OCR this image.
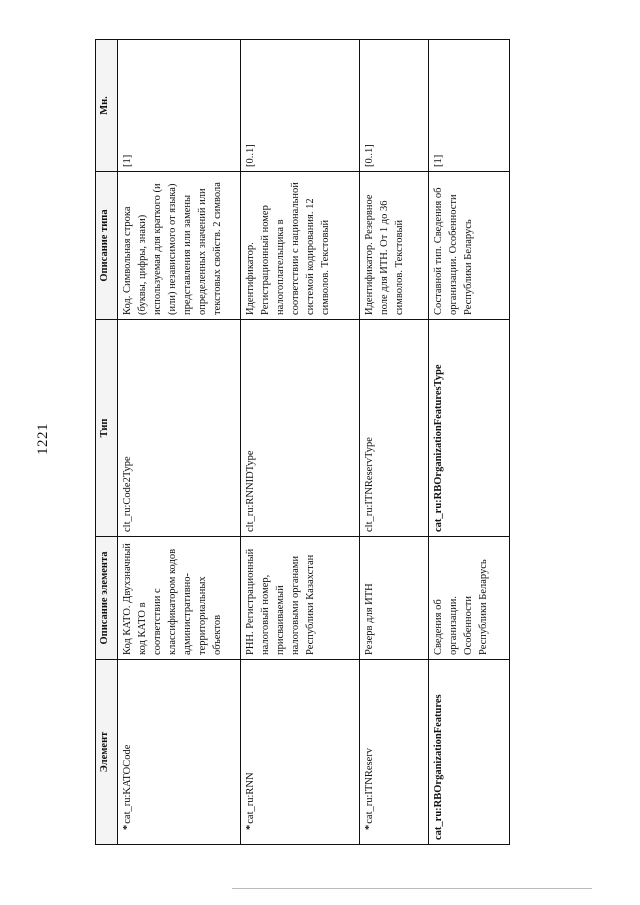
1221
Элемент	Описание элемента	Тип	Описание типа	Мн.
*cat_ru:KATOCode	Код КАТО. Двухзначный код КАТО в соответствии с классификатором кодов административно-территориальных объектов	clt_ru:Code2Type	Код. Символьная строка (буквы, цифры, знаки) используемая для краткого (и (или) независимого от языка) представления или замены определенных значений или текстовых свойств. 2 символа	[1]
*cat_ru:RNN	РНН. Регистрационный налоговый номер, присваиваемый налоговыми органами Республики Казахстан	clt_ru:RNNIDType	Идентификатор. Регистрационный номер налогоплательщика в соответствии с национальной системой кодирования. 12 символов. Текстовый	[0..1]
*cat_ru:ITNReserv	Резерв для ИТН	clt_ru:ITNReservType	Идентификатор. Резервное поле для ИТН. От 1 до 36 символов. Текстовый	[0..1]
cat_ru:RBOrganizationFeatures	Сведения об организации. Особенности Республики Беларусь	cat_ru:RBOrganizationFeaturesType	Составной тип. Сведения об организации. Особенности Республики Беларусь	[1]
